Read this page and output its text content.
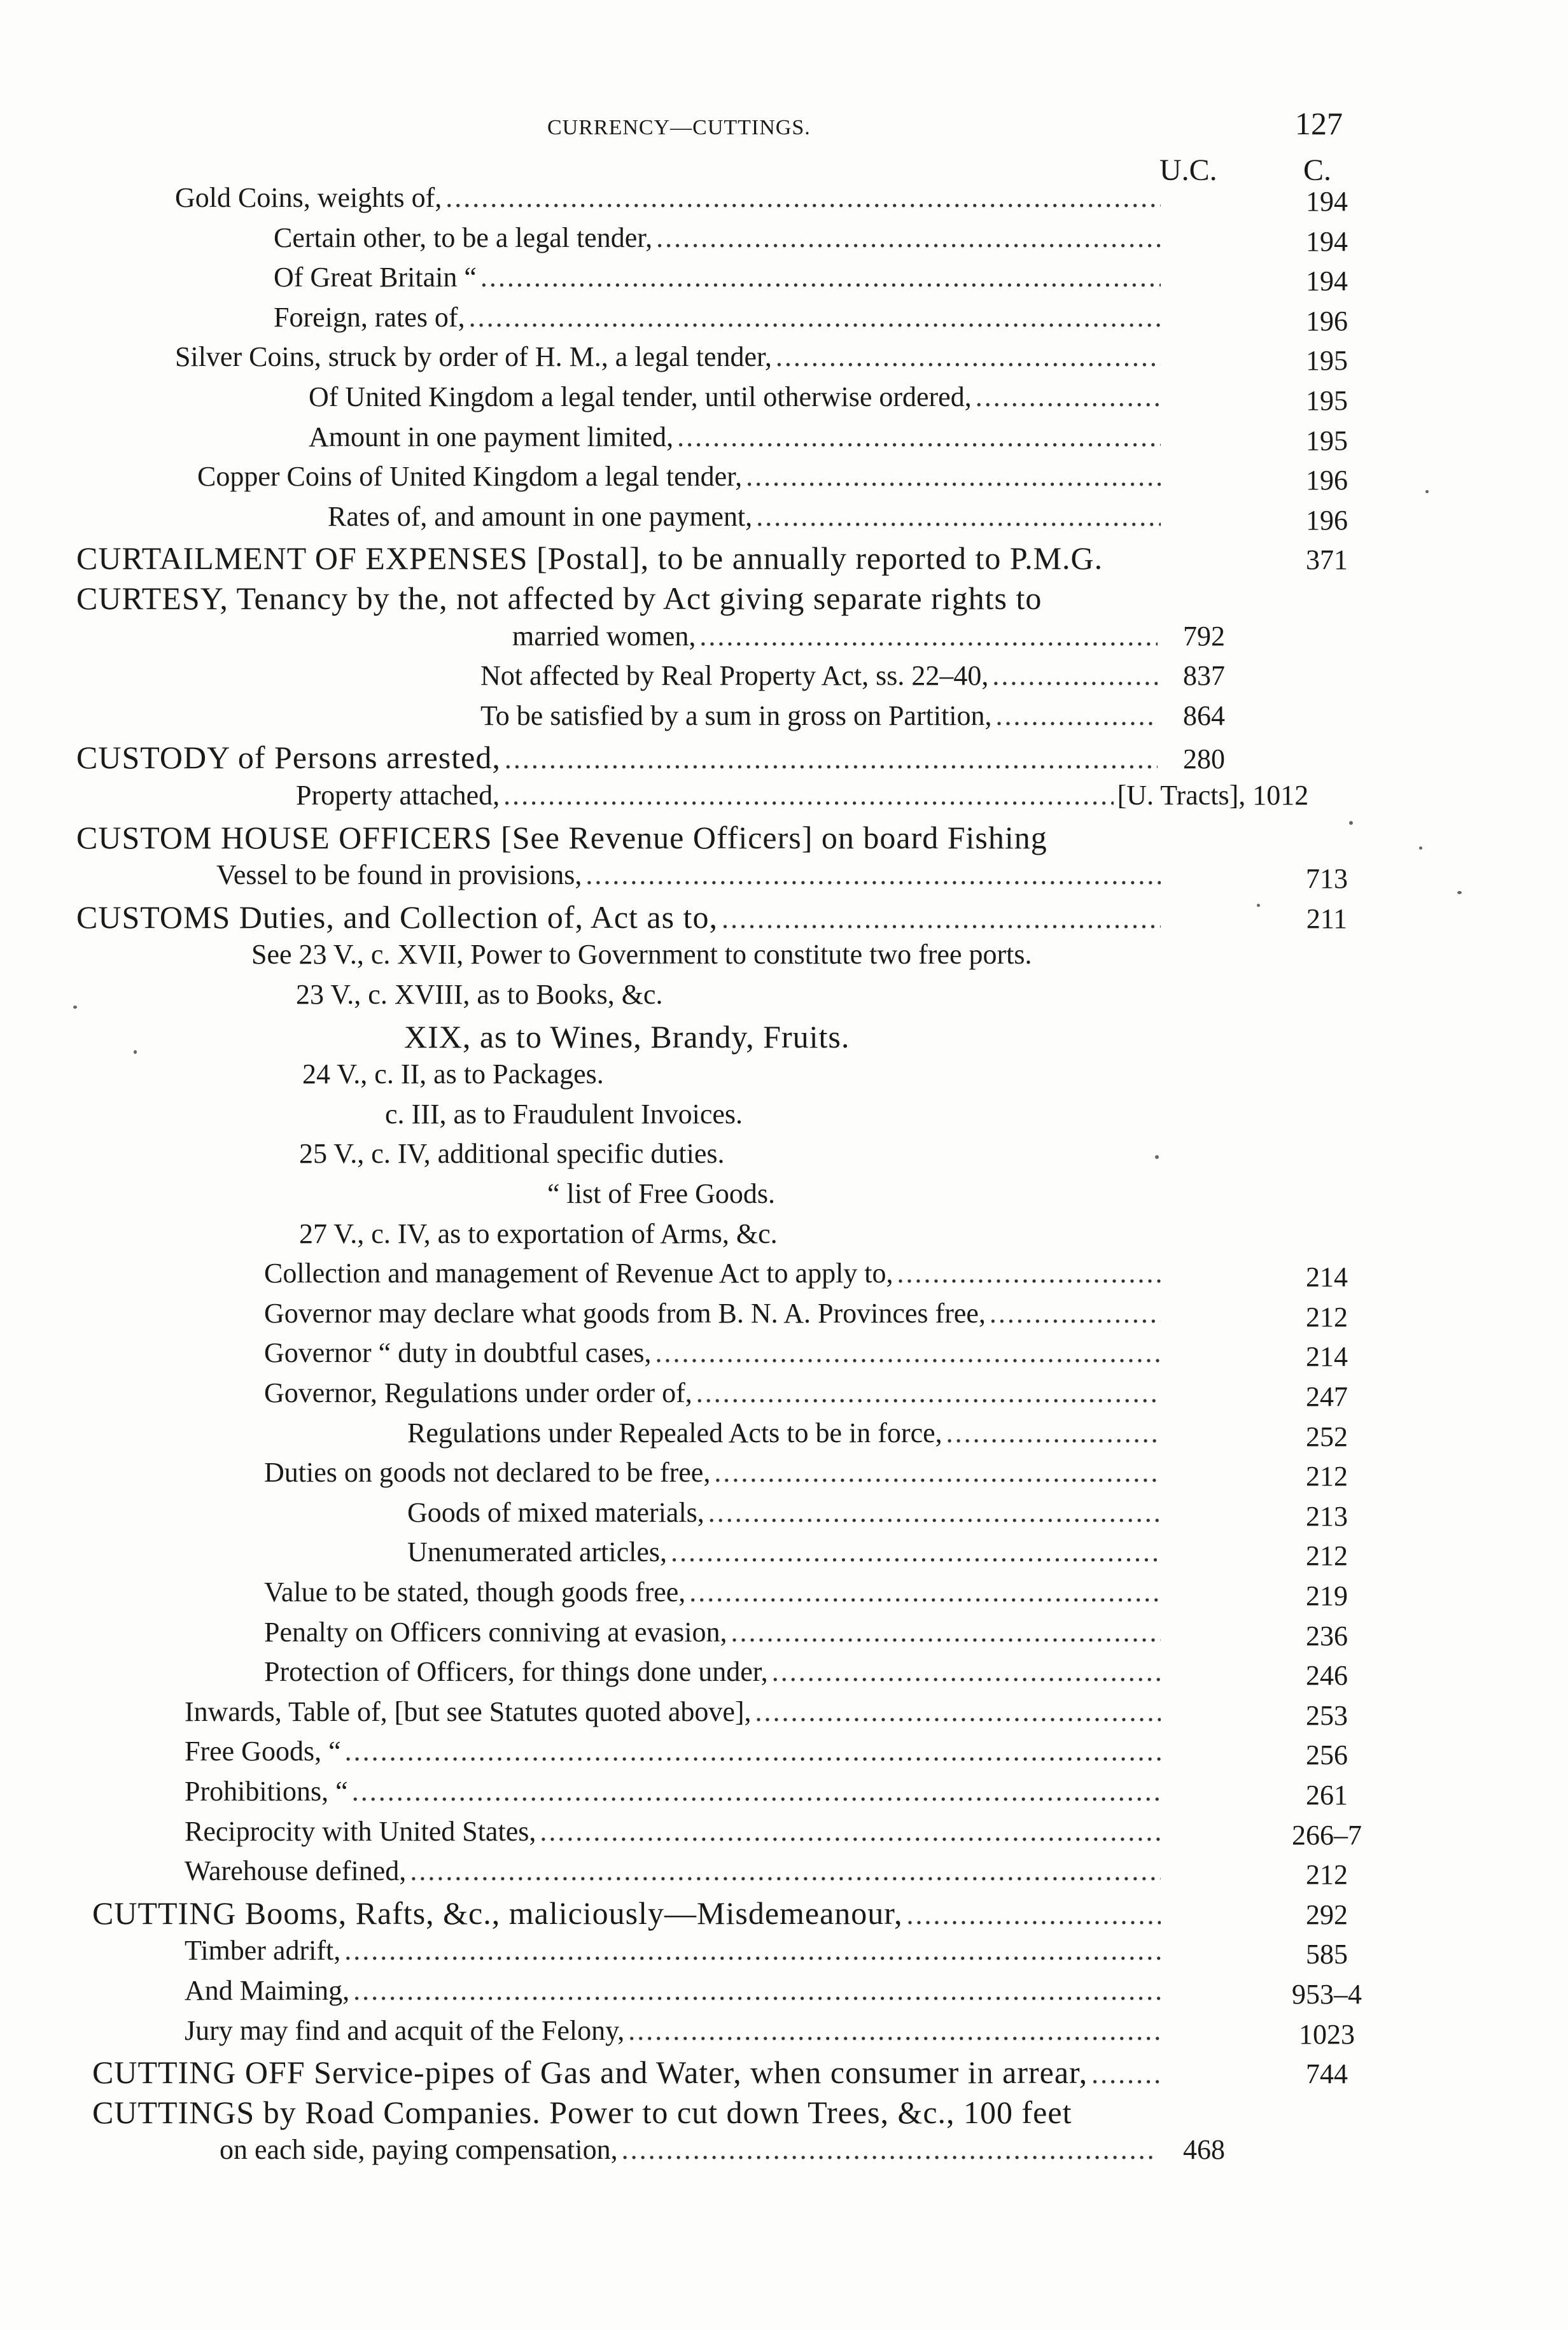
CURRENCY—CUTTINGS.	127
U.C.	C.
Gold Coins, weights of, . . .	194
Certain other, to be a legal tender, . . .	194
Of Great Britain “ . . .	194
Foreign, rates of, . . .	196
Silver Coins, struck by order of H. M., a legal tender, . . .	195
Of United Kingdom a legal tender, until otherwise ordered, . . .	195
Amount in one payment limited, . . .	195
Copper Coins of United Kingdom a legal tender, . . .	196
Rates of, and amount in one payment, . . .	196
CURTAILMENT OF EXPENSES [Postal], to be annually reported to P.M.G.	371
CURTESY, Tenancy by the, not affected by Act giving separate rights to
married women, . . .	792
Not affected by Real Property Act, ss. 22–40, . . .	837
To be satisfied by a sum in gross on Partition, . . .	864
CUSTODY of Persons arrested, . . .	280
Property attached, . . .	[U. Tracts], 1012
CUSTOM HOUSE OFFICERS [See Revenue Officers] on board Fishing
Vessel to be found in provisions, . . .	713
CUSTOMS Duties, and Collection of, Act as to, . . .	211
See 23 V., c. XVII, Power to Government to constitute two free ports.
23 V., c. XVIII, as to Books, &c.
XIX, as to Wines, Brandy, Fruits.
24 V., c. II, as to Packages.
c. III, as to Fraudulent Invoices.
25 V., c. IV, additional specific duties.
“ list of Free Goods.
27 V., c. IV, as to exportation of Arms, &c.
Collection and management of Revenue Act to apply to, . . .	214
Governor may declare what goods from B. N. A. Provinces free, . . .	212
Governor “ duty in doubtful cases, . . .	214
Governor, Regulations under order of, . . .	247
Regulations under Repealed Acts to be in force, . . .	252
Duties on goods not declared to be free, . . .	212
Goods of mixed materials, . . .	213
Unenumerated articles, . . .	212
Value to be stated, though goods free, . . .	219
Penalty on Officers conniving at evasion, . . .	236
Protection of Officers, for things done under, . . .	246
Inwards, Table of, [but see Statutes quoted above], . . .	253
Free Goods, “ . . .	256
Prohibitions, “ . . .	261
Reciprocity with United States, . . .	266–7
Warehouse defined, . . .	212
CUTTING Booms, Rafts, &c., maliciously—Misdemeanour, . . .	292
Timber adrift, . . .	585
And Maiming, . . .	953–4
Jury may find and acquit of the Felony, . . .	1023
CUTTING OFF Service-pipes of Gas and Water, when consumer in arrear, . . .	744
CUTTINGS by Road Companies. Power to cut down Trees, &c., 100 feet
on each side, paying compensation, . . .	468
